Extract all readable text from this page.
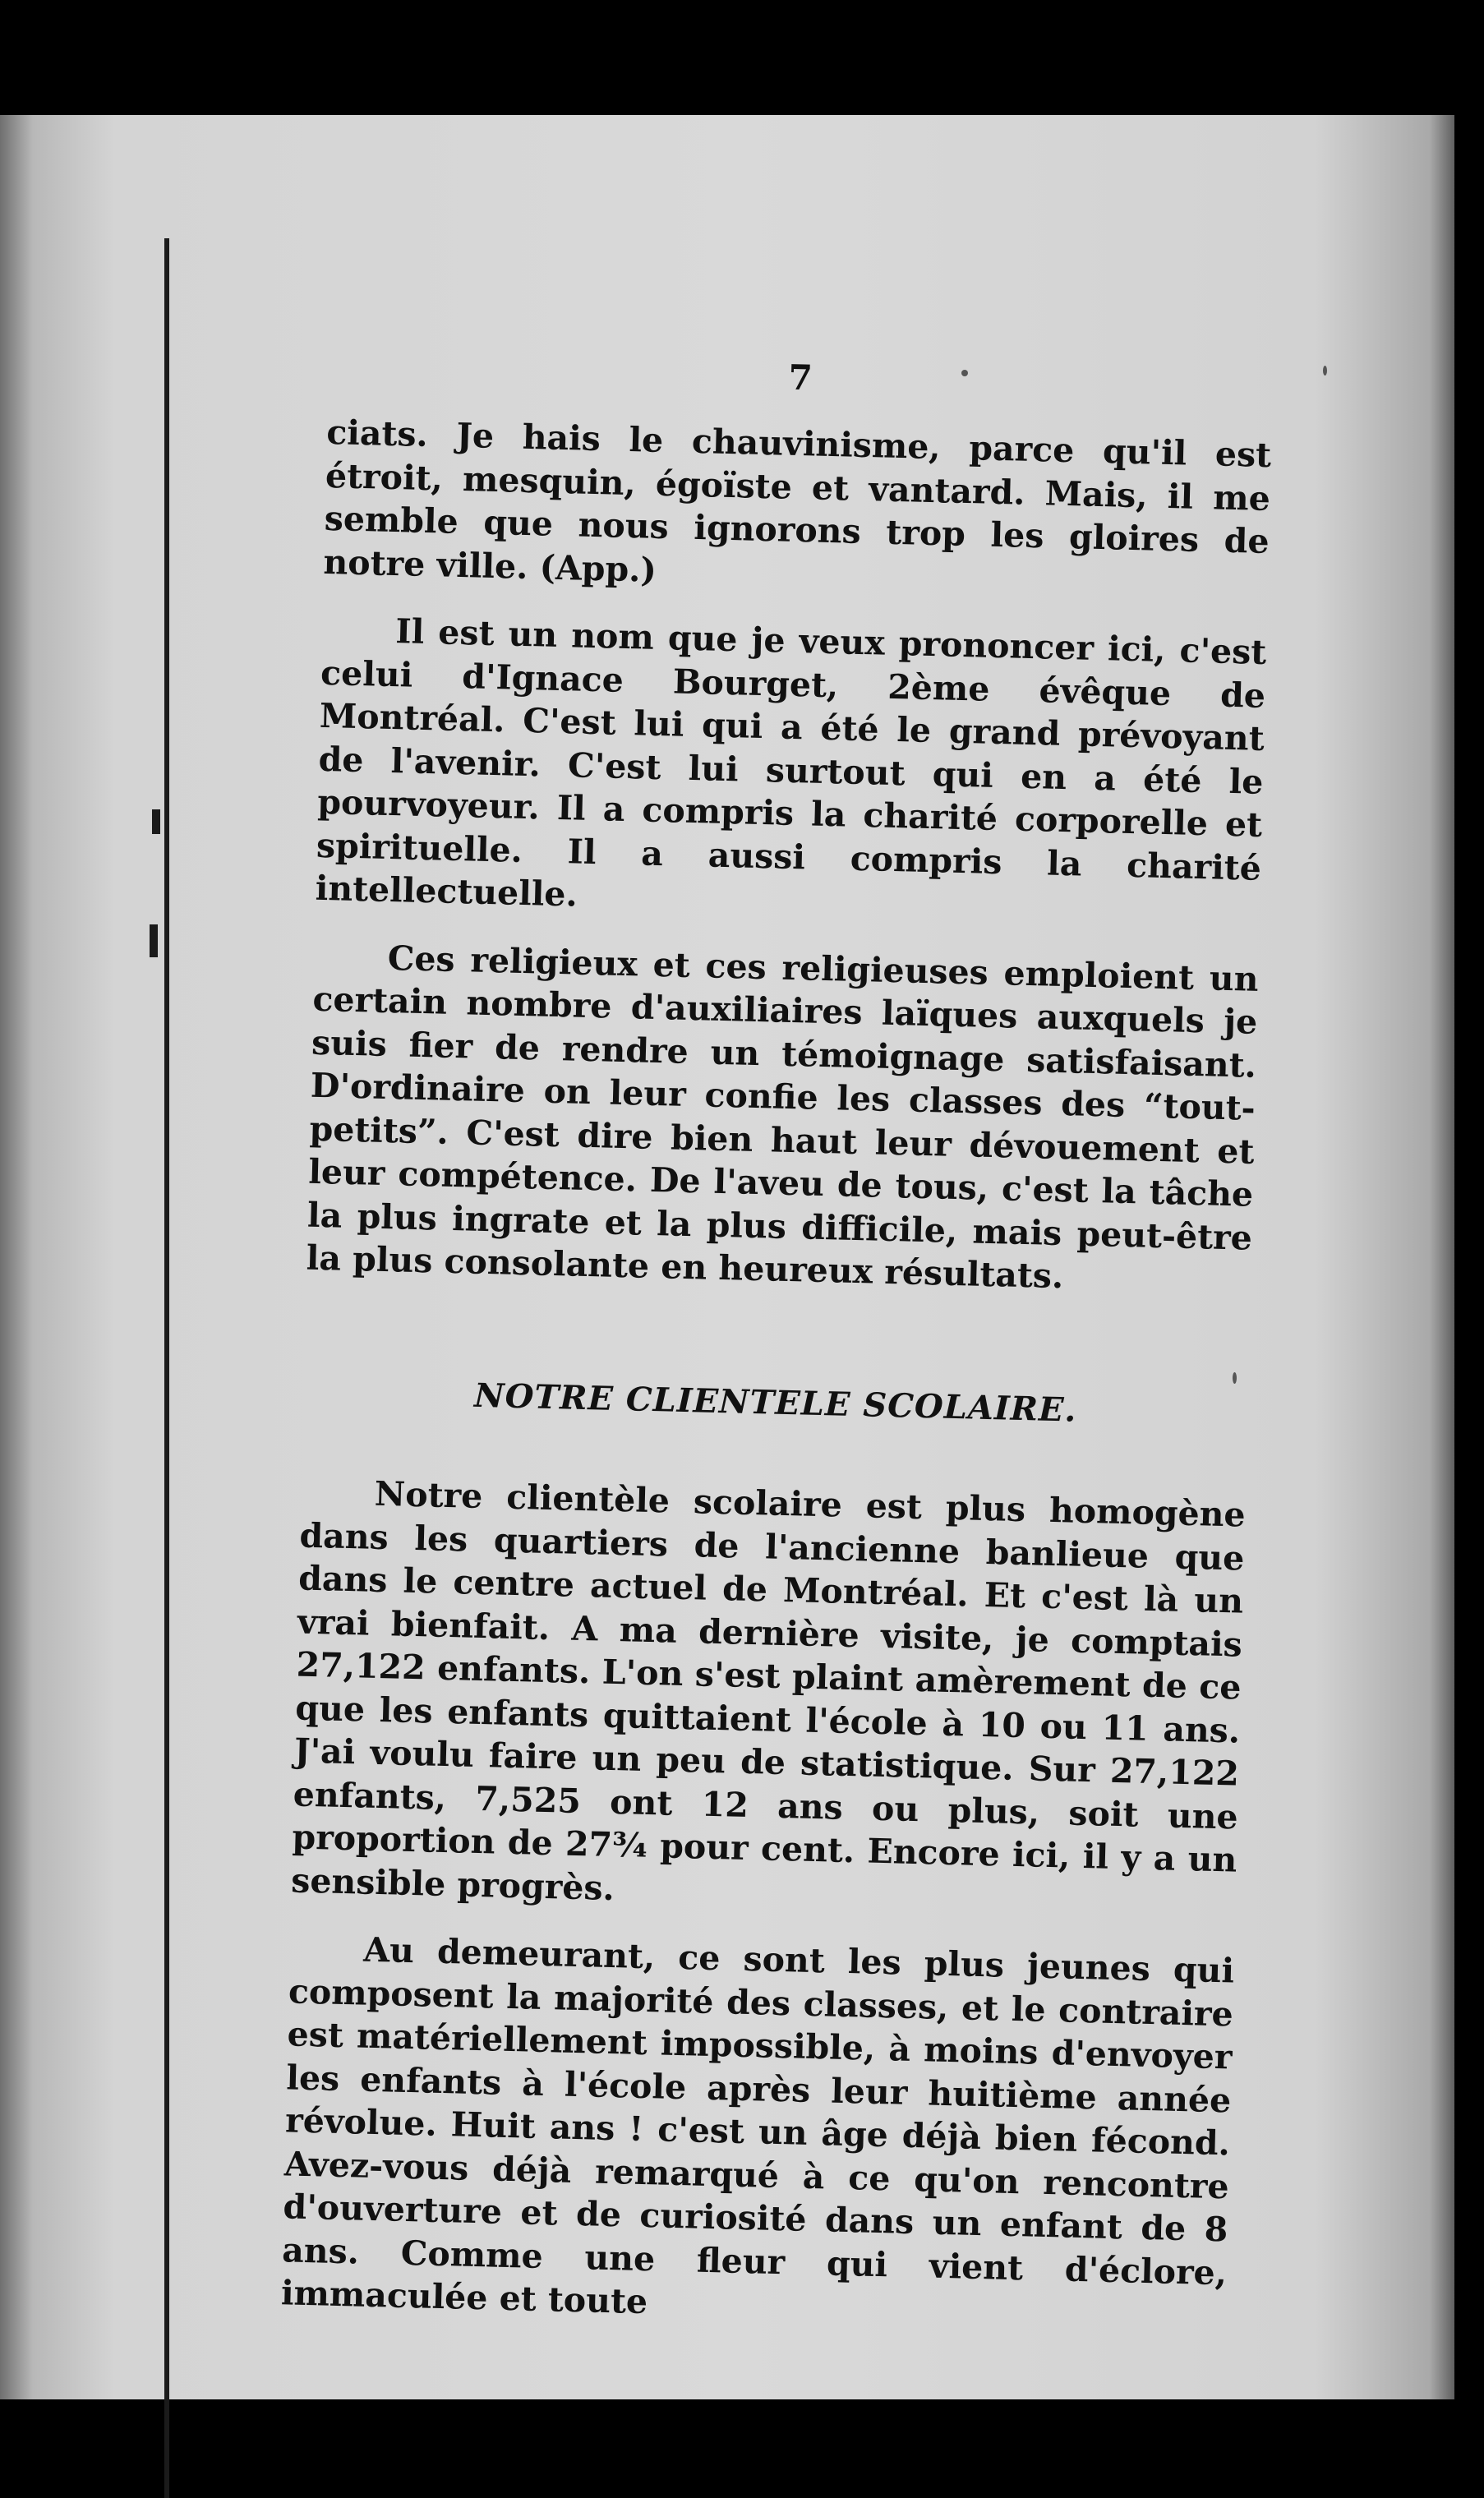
7

ciats. Je hais le chauvinisme, parce qu'il est étroit, mesquin, égoïste et vantard. Mais, il me semble que nous ignorons trop les gloires de notre ville. (App.)

Il est un nom que je veux prononcer ici, c'est celui d'Ignace Bourget, 2ème évêque de Montréal. C'est lui qui a été le grand prévoyant de l'avenir. C'est lui surtout qui en a été le pourvoyeur. Il a compris la charité corporelle et spirituelle. Il a aussi compris la charité intellectuelle.

Ces religieux et ces religieuses emploient un certain nombre d'auxiliaires laïques auxquels je suis fier de rendre un témoignage satisfaisant. D'ordinaire on leur confie les classes des “tout-petits”. C'est dire bien haut leur dévouement et leur compétence. De l'aveu de tous, c'est la tâche la plus ingrate et la plus difficile, mais peut-être la plus consolante en heureux résultats.

NOTRE CLIENTELE SCOLAIRE.

Notre clientèle scolaire est plus homogène dans les quartiers de l'ancienne banlieue que dans le centre actuel de Montréal. Et c'est là un vrai bienfait. A ma dernière visite, je comptais 27,122 enfants. L'on s'est plaint amèrement de ce que les enfants quittaient l'école à 10 ou 11 ans. J'ai voulu faire un peu de statistique. Sur 27,122 enfants, 7,525 ont 12 ans ou plus, soit une proportion de 27¾ pour cent. Encore ici, il y a un sensible progrès.

Au demeurant, ce sont les plus jeunes qui composent la majorité des classes, et le contraire est matériellement impossible, à moins d'envoyer les enfants à l'école après leur huitième année révolue. Huit ans ! c'est un âge déjà bien fécond. Avez-vous déjà remarqué à ce qu'on rencontre d'ouverture et de curiosité dans un enfant de 8 ans. Comme une fleur qui vient d'éclore, immaculée et toute
